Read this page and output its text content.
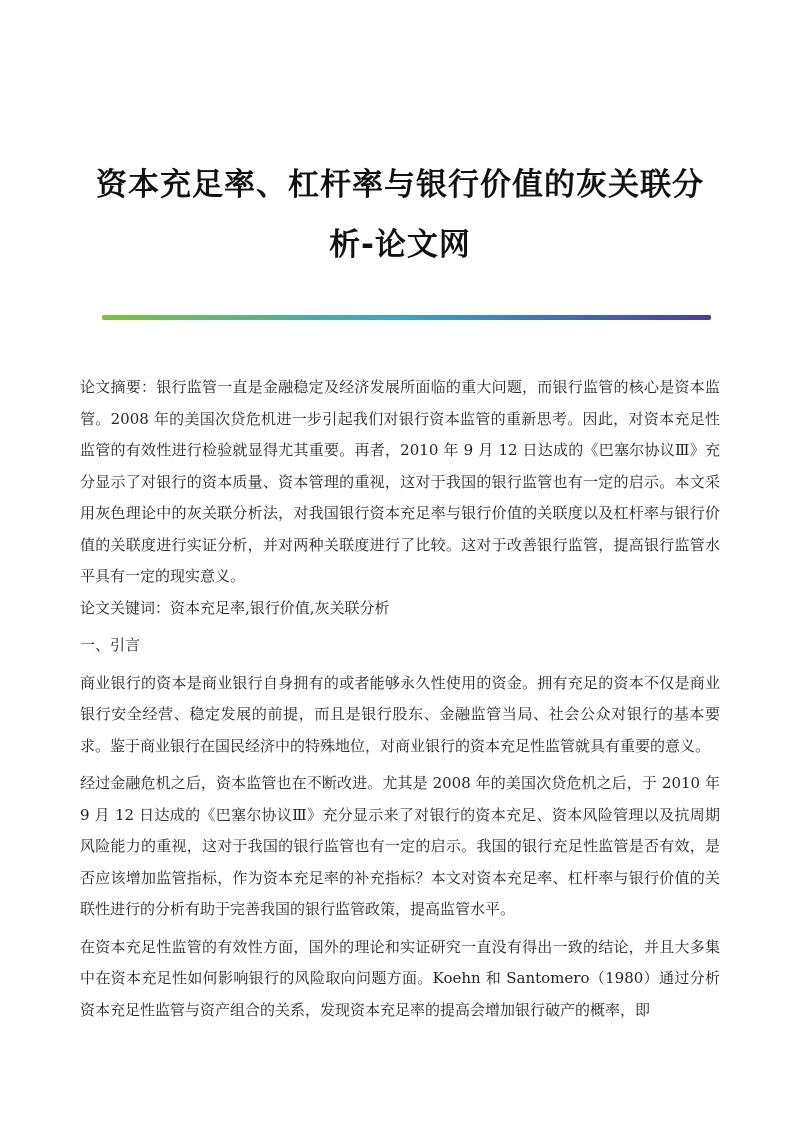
资本充足率、杠杆率与银行价值的灰关联分析-论文网

论文摘要：银行监管一直是金融稳定及经济发展所面临的重大问题，而银行监管的核心是资本监管。2008 年的美国次贷危机进一步引起我们对银行资本监管的重新思考。因此，对资本充足性监管的有效性进行检验就显得尤其重要。再者，2010 年 9 月 12 日达成的《巴塞尔协议Ⅲ》充分显示了对银行的资本质量、资本管理的重视，这对于我国的银行监管也有一定的启示。本文采用灰色理论中的灰关联分析法，对我国银行资本充足率与银行价值的关联度以及杠杆率与银行价值的关联度进行实证分析，并对两种关联度进行了比较。这对于改善银行监管，提高银行监管水平具有一定的现实意义。

论文关键词：资本充足率,银行价值,灰关联分析

一、引言

商业银行的资本是商业银行自身拥有的或者能够永久性使用的资金。拥有充足的资本不仅是商业银行安全经营、稳定发展的前提，而且是银行股东、金融监管当局、社会公众对银行的基本要求。鉴于商业银行在国民经济中的特殊地位，对商业银行的资本充足性监管就具有重要的意义。

经过金融危机之后，资本监管也在不断改进。尤其是 2008 年的美国次贷危机之后，于 2010 年 9 月 12 日达成的《巴塞尔协议Ⅲ》充分显示来了对银行的资本充足、资本风险管理以及抗周期风险能力的重视，这对于我国的银行监管也有一定的启示。我国的银行充足性监管是否有效，是否应该增加监管指标，作为资本充足率的补充指标？本文对资本充足率、杠杆率与银行价值的关联性进行的分析有助于完善我国的银行监管政策，提高监管水平。

在资本充足性监管的有效性方面，国外的理论和实证研究一直没有得出一致的结论，并且大多集中在资本充足性如何影响银行的风险取向问题方面。Koehn 和 Santomero（1980）通过分析资本充足性监管与资产组合的关系，发现资本充足率的提高会增加银行破产的概率，即
